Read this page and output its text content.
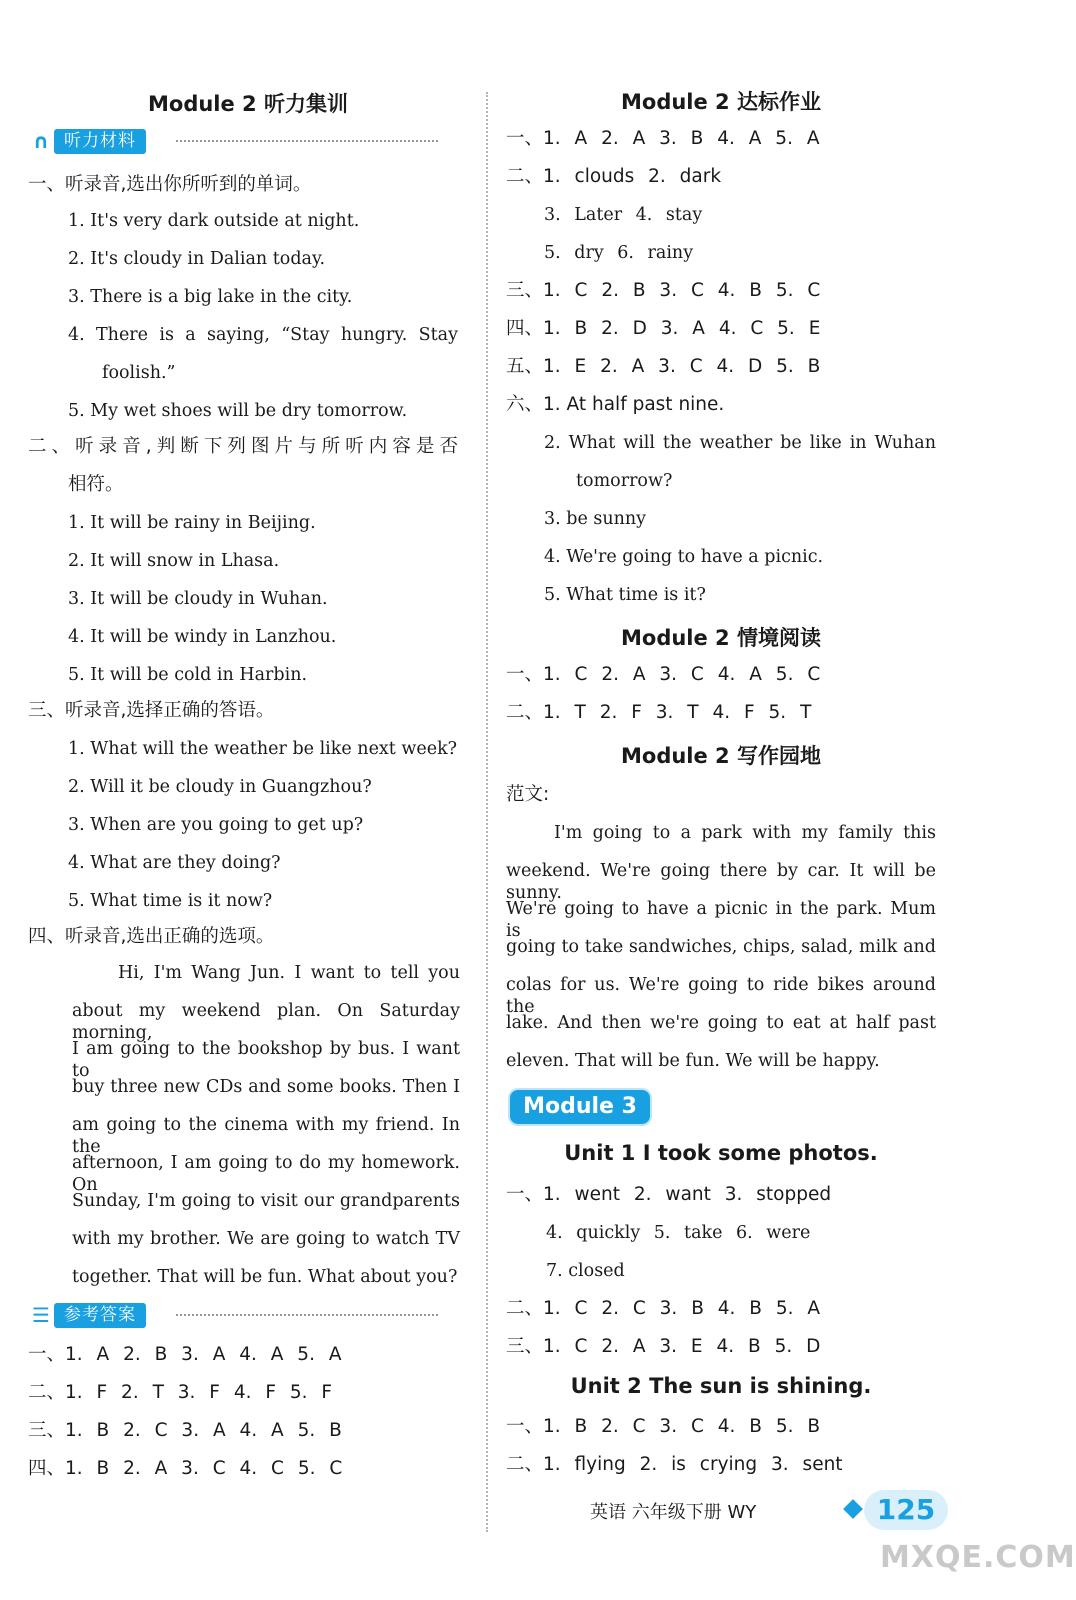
Module 2 听力集训
∩ 听力材料
一、听录音,选出你所听到的单词。
1. It's very dark outside at night.
2. It's cloudy in Dalian today.
3. There is a big lake in the city.
4. There is a saying, “Stay hungry. Stay
foolish.”
5. My wet shoes will be dry tomorrow.
二、听录音,判断下列图片与所听内容是否
相符。
1. It will be rainy in Beijing.
2. It will snow in Lhasa.
3. It will be cloudy in Wuhan.
4. It will be windy in Lanzhou.
5. It will be cold in Harbin.
三、听录音,选择正确的答语。
1. What will the weather be like next week?
2. Will it be cloudy in Guangzhou?
3. When are you going to get up?
4. What are they doing?
5. What time is it now?
四、听录音,选出正确的选项。
Hi, I'm Wang Jun. I want to tell you
about my weekend plan. On Saturday morning,
I am going to the bookshop by bus. I want to
buy three new CDs and some books. Then I
am going to the cinema with my friend. In the
afternoon, I am going to do my homework. On
Sunday, I'm going to visit our grandparents
with my brother. We are going to watch TV
together. That will be fun. What about you?
☰ 参考答案
一、1. A 2. B 3. A 4. A 5. A
二、1. F 2. T 3. F 4. F 5. F
三、1. B 2. C 3. A 4. A 5. B
四、1. B 2. A 3. C 4. C 5. C
Module 2 达标作业
一、1. A 2. A 3. B 4. A 5. A
二、1. clouds 2. dark
3. Later 4. stay
5. dry 6. rainy
三、1. C 2. B 3. C 4. B 5. C
四、1. B 2. D 3. A 4. C 5. E
五、1. E 2. A 3. C 4. D 5. B
六、1. At half past nine.
2. What will the weather be like in Wuhan
tomorrow?
3. be sunny
4. We're going to have a picnic.
5. What time is it?
Module 2 情境阅读
一、1. C 2. A 3. C 4. A 5. C
二、1. T 2. F 3. T 4. F 5. T
Module 2 写作园地
范文:
I'm going to a park with my family this
weekend. We're going there by car. It will be sunny.
We're going to have a picnic in the park. Mum is
going to take sandwiches, chips, salad, milk and
colas for us. We're going to ride bikes around the
lake. And then we're going to eat at half past
eleven. That will be fun. We will be happy.
Unit 1 I took some photos.
一、1. went 2. want 3. stopped
4. quickly 5. take 6. were
7. closed
二、1. C 2. C 3. B 4. B 5. A
三、1. C 2. A 3. E 4. B 5. D
Unit 2 The sun is shining.
一、1. B 2. C 3. C 4. B 5. B
二、1. flying 2. is crying 3. sent
Module 3
英语 六年级下册 WY	125
MXQE.COM
